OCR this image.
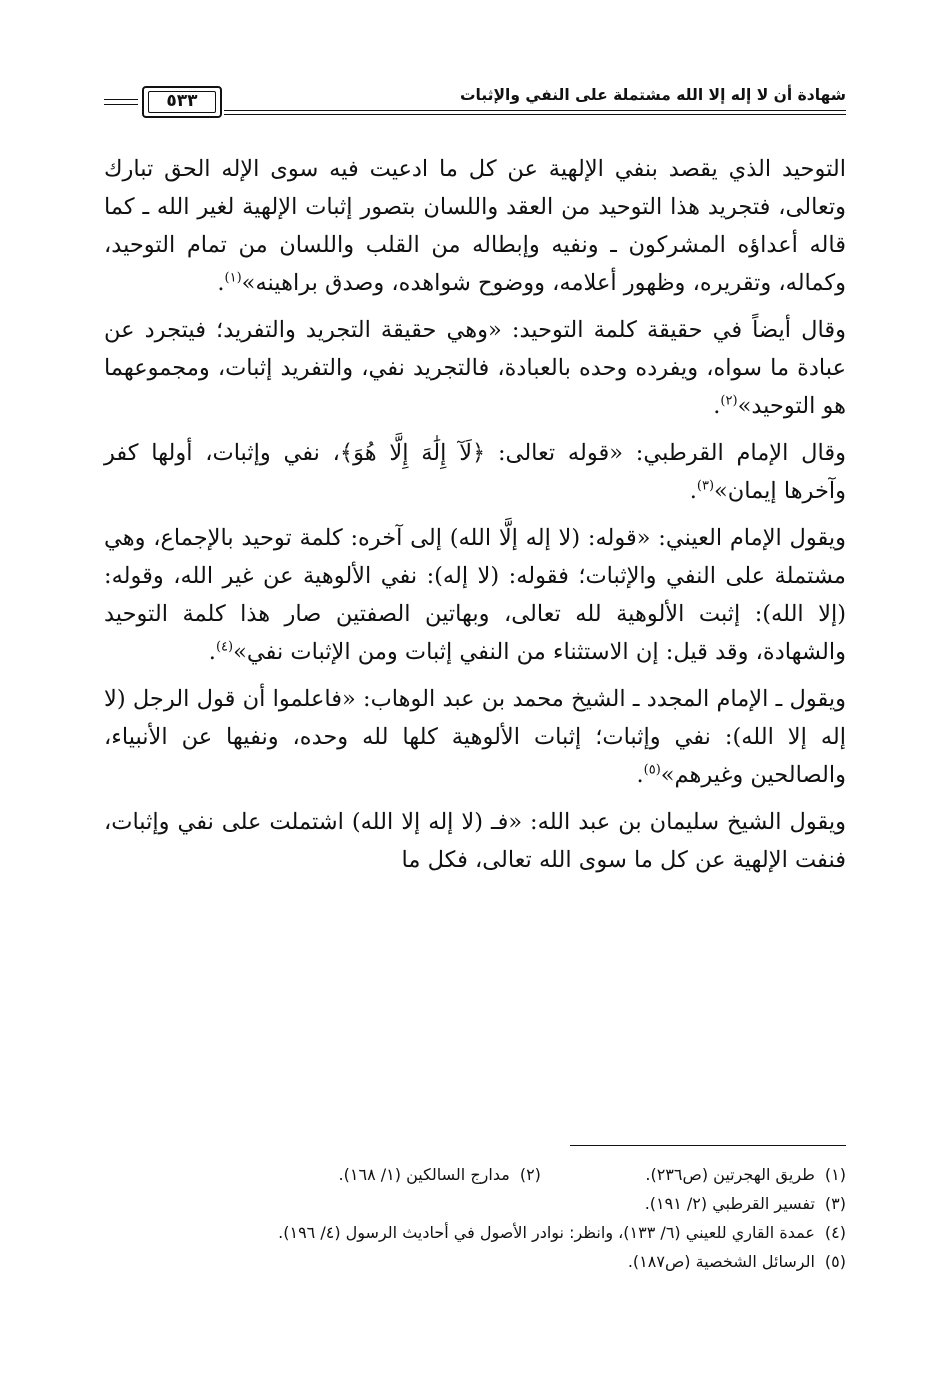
شهادة أن لا إله إلا الله مشتملة على النفي والإثبات
٥٣٣

التوحيد الذي يقصد بنفي الإلهية عن كل ما ادعيت فيه سوى الإله الحق تبارك وتعالى، فتجريد هذا التوحيد من العقد واللسان بتصور إثبات الإلهية لغير الله ـ كما قاله أعداؤه المشركون ـ ونفيه وإبطاله من القلب واللسان من تمام التوحيد، وكماله، وتقريره، وظهور أعلامه، ووضوح شواهده، وصدق براهينه»$^{(١)}$.

وقال أيضاً في حقيقة كلمة التوحيد: «وهي حقيقة التجريد والتفريد؛ فيتجرد عن عبادة ما سواه، ويفرده وحده بالعبادة، فالتجريد نفي، والتفريد إثبات، ومجموعهما هو التوحيد»$^{(٢)}$.

وقال الإمام القرطبي: «قوله تعالى: ﴿لَآ إِلَٰهَ إِلَّا هُوَ﴾، نفي وإثبات، أولها كفر وآخرها إيمان»$^{(٣)}$.

ويقول الإمام العيني: «قوله: (لا إله إلَّا الله) إلى آخره: كلمة توحيد بالإجماع، وهي مشتملة على النفي والإثبات؛ فقوله: (لا إله): نفي الألوهية عن غير الله، وقوله: (إلا الله): إثبت الألوهية لله تعالى، وبهاتين الصفتين صار هذا كلمة التوحيد والشهادة، وقد قيل: إن الاستثناء من النفي إثبات ومن الإثبات نفي»$^{(٤)}$.

ويقول ـ الإمام المجدد ـ الشيخ محمد بن عبد الوهاب: «فاعلموا أن قول الرجل (لا إله إلا الله): نفي وإثبات؛ إثبات الألوهية كلها لله وحده، ونفيها عن الأنبياء، والصالحين وغيرهم»$^{(٥)}$.

ويقول الشيخ سليمان بن عبد الله: «فـ (لا إله إلا الله) اشتملت على نفي وإثبات، فنفت الإلهية عن كل ما سوى الله تعالى، فكل ما

(١)طريق الهجرتين (ص٢٣٦). (٢)مدارج السالكين (١/ ١٦٨).
(٣)تفسير القرطبي (٢/ ١٩١).
(٤)عمدة القاري للعيني (٦/ ١٣٣)، وانظر: نوادر الأصول في أحاديث الرسول (٤/ ١٩٦).
(٥)الرسائل الشخصية (ص١٨٧).
